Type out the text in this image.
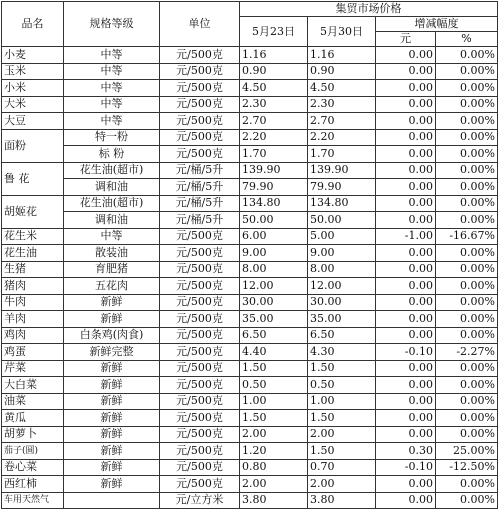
品名	规格等级	单位	集贸市场价格			
			5月23日	5月30日	增减幅度	
					元	%
小麦	中等	元/500克	1.16	1.16	0.00	0.00%
玉米	中等	元/500克	0.90	0.90	0.00	0.00%
小米	中等	元/500克	4.50	4.50	0.00	0.00%
大米	中等	元/500克	2.30	2.30	0.00	0.00%
大豆	中等	元/500克	2.70	2.70	0.00	0.00%
面粉	特一粉	元/500克	2.20	2.20	0.00	0.00%
	标 粉	元/500克	1.70	1.70	0.00	0.00%
鲁 花	花生油(超市)	元/桶/5升	139.90	139.90	0.00	0.00%
	调和油	元/桶/5升	79.90	79.90	0.00	0.00%
胡姬花	花生油(超市)	元/桶/5升	134.80	134.80	0.00	0.00%
	调和油	元/桶/5升	50.00	50.00	0.00	0.00%
花生米	中等	元/500克	6.00	5.00	-1.00	-16.67%
花生油	散装油	元/500克	9.00	9.00	0.00	0.00%
生猪	育肥猪	元/500克	8.00	8.00	0.00	0.00%
猪肉	五花肉	元/500克	12.00	12.00	0.00	0.00%
牛肉	新鲜	元/500克	30.00	30.00	0.00	0.00%
羊肉	新鲜	元/500克	35.00	35.00	0.00	0.00%
鸡肉	白条鸡(肉食)	元/500克	6.50	6.50	0.00	0.00%
鸡蛋	新鲜完整	元/500克	4.40	4.30	-0.10	-2.27%
芹菜	新鲜	元/500克	1.50	1.50	0.00	0.00%
大白菜	新鲜	元/500克	0.50	0.50	0.00	0.00%
油菜	新鲜	元/500克	1.00	1.00	0.00	0.00%
黄瓜	新鲜	元/500克	1.50	1.50	0.00	0.00%
胡萝卜	新鲜	元/500克	2.00	2.00	0.00	0.00%
茄子(圆)	新鲜	元/500克	1.20	1.50	0.30	25.00%
卷心菜	新鲜	元/500克	0.80	0.70	-0.10	-12.50%
西红柿	新鲜	元/500克	2.00	2.00	0.00	0.00%
车用天然气		元/立方米	3.80	3.80	0.00	0.00%
